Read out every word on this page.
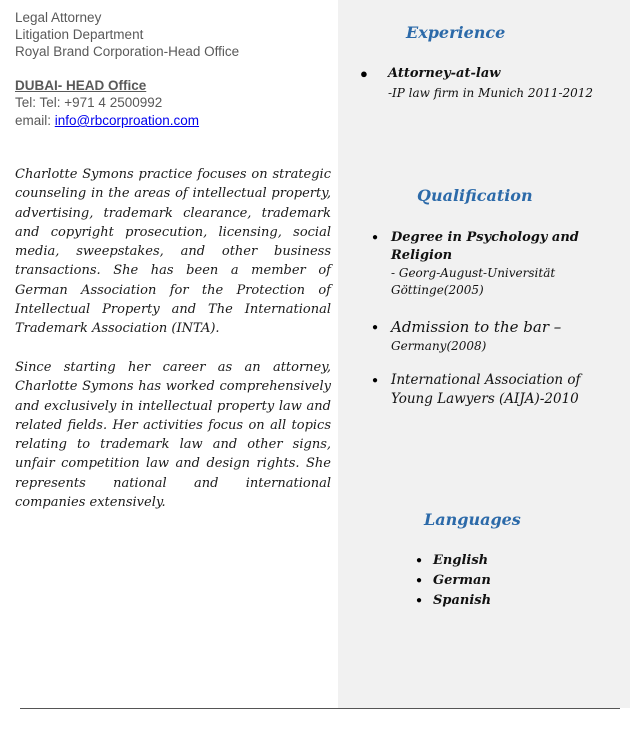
Legal Attorney
Litigation Department
Royal Brand Corporation-Head Office
DUBAI- HEAD Office
Tel: Tel: +971 4 2500992
email: info@rbcorproation.com

Charlotte Symons practice focuses on strategic counseling in the areas of intellectual property, advertising, trademark clearance, trademark and copyright prosecution, licensing, social media, sweepstakes, and other business transactions. She has been a member of German Association for the Protection of Intellectual Property and The International Trademark Association (INTA).

Since starting her career as an attorney, Charlotte Symons has worked comprehensively and exclusively in intellectual property law and related fields. Her activities focus on all topics relating to trademark law and other signs, unfair competition law and design rights. She represents national and international companies extensively.

Experience
● Attorney-at-law
-IP law firm in Munich 2011-2012
Qualification
● Degree in Psychology and
Religion
- Georg-August-Universität
Göttinge(2005)
● Admission to the bar –
Germany(2008)
● International Association of
Young Lawyers (AIJA)-2010
Languages
● English
● German
● Spanish
